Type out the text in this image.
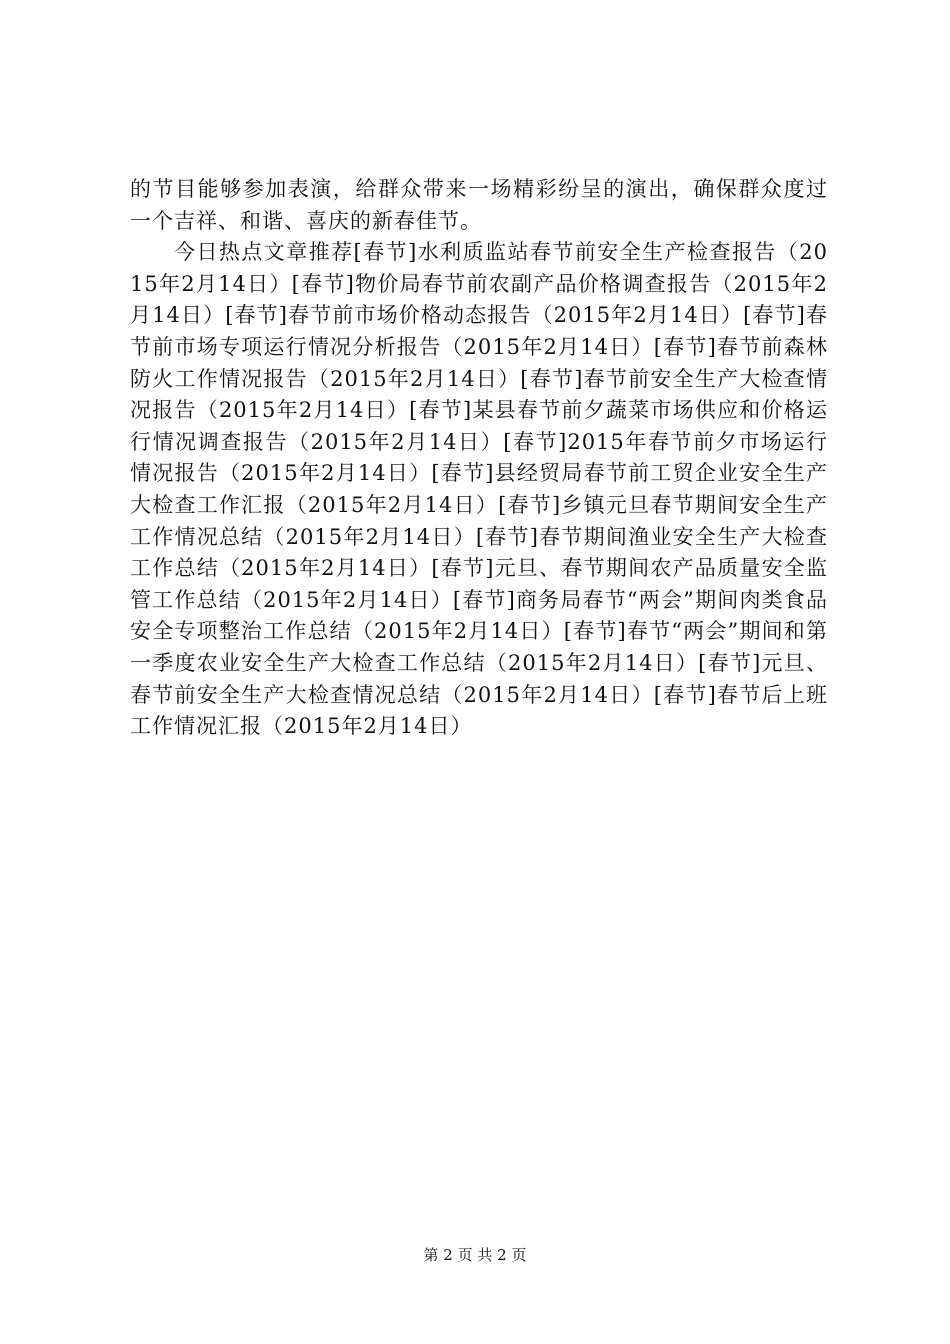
的节目能够参加表演，给群众带来一场精彩纷呈的演出，确保群众度过一个吉祥、和谐、喜庆的新春佳节。

今日热点文章推荐[春节]水利质监站春节前安全生产检查报告（2015年2月14日）[春节]物价局春节前农副产品价格调查报告（2015年2月14日）[春节]春节前市场价格动态报告（2015年2月14日）[春节]春节前市场专项运行情况分析报告（2015年2月14日）[春节]春节前森林防火工作情况报告（2015年2月14日）[春节]春节前安全生产大检查情况报告（2015年2月14日）[春节]某县春节前夕蔬菜市场供应和价格运行情况调查报告（2015年2月14日）[春节]2015年春节前夕市场运行情况报告（2015年2月14日）[春节]县经贸局春节前工贸企业安全生产大检查工作汇报（2015年2月14日）[春节]乡镇元旦春节期间安全生产工作情况总结（2015年2月14日）[春节]春节期间渔业安全生产大检查工作总结（2015年2月14日）[春节]元旦、春节期间农产品质量安全监管工作总结（2015年2月14日）[春节]商务局春节“两会”期间肉类食品安全专项整治工作总结（2015年2月14日）[春节]春节“两会”期间和第一季度农业安全生产大检查工作总结（2015年2月14日）[春节]元旦、春节前安全生产大检查情况总结（2015年2月14日）[春节]春节后上班工作情况汇报（2015年2月14日）

第 2 页 共 2 页
